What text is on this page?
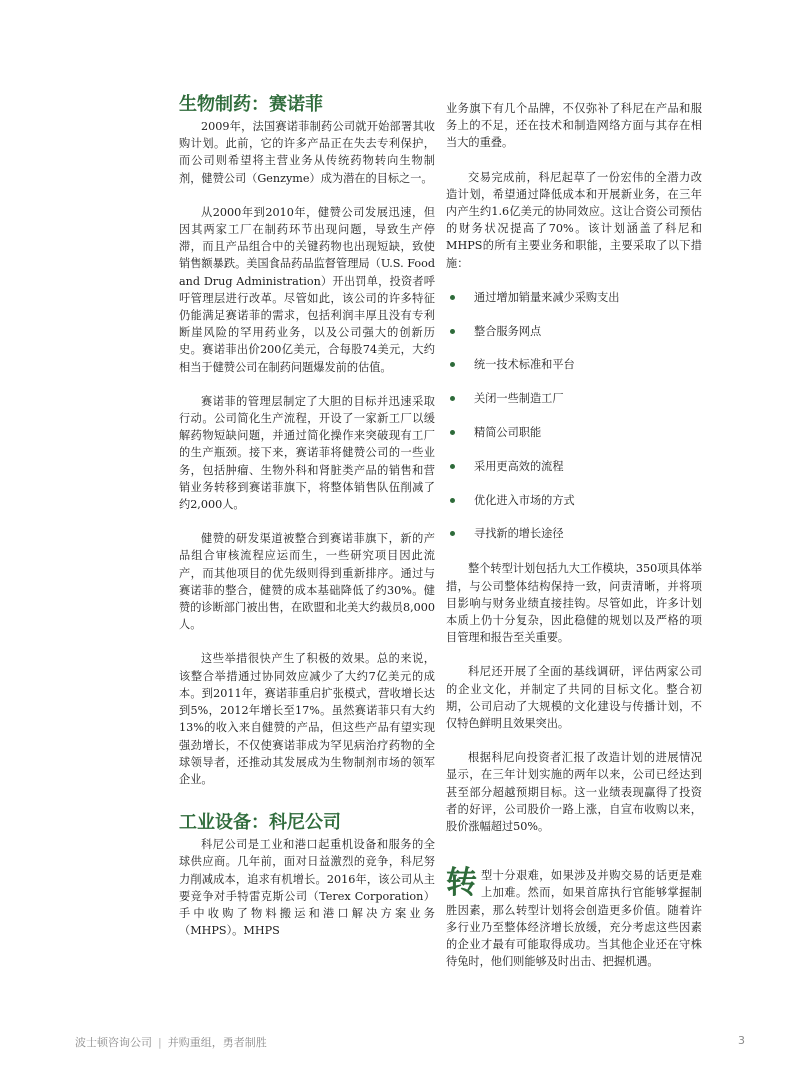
生物制药：赛诺菲

2009年，法国赛诺菲制药公司就开始部署其收购计划。此前，它的许多产品正在失去专利保护，而公司则希望将主营业务从传统药物转向生物制剂，健赞公司（Genzyme）成为潜在的目标之一。

从2000年到2010年，健赞公司发展迅速，但因其两家工厂在制药环节出现问题，导致生产停滞，而且产品组合中的关键药物也出现短缺，致使销售额暴跌。美国食品药品监督管理局（U.S. Food and Drug Administration）开出罚单，投资者呼吁管理层进行改革。尽管如此，该公司的许多特征仍能满足赛诺菲的需求，包括利润丰厚且没有专利断崖风险的罕用药业务，以及公司强大的创新历史。赛诺菲出价200亿美元，合每股74美元，大约相当于健赞公司在制药问题爆发前的估值。

赛诺菲的管理层制定了大胆的目标并迅速采取行动。公司简化生产流程，开设了一家新工厂以缓解药物短缺问题，并通过简化操作来突破现有工厂的生产瓶颈。接下来，赛诺菲将健赞公司的一些业务，包括肿瘤、生物外科和肾脏类产品的销售和营销业务转移到赛诺菲旗下，将整体销售队伍削减了约2,000人。

健赞的研发渠道被整合到赛诺菲旗下，新的产品组合审核流程应运而生，一些研究项目因此流产，而其他项目的优先级则得到重新排序。通过与赛诺菲的整合，健赞的成本基础降低了约30%。健赞的诊断部门被出售，在欧盟和北美大约裁员8,000人。

这些举措很快产生了积极的效果。总的来说，该整合举措通过协同效应减少了大约7亿美元的成本。到2011年，赛诺菲重启扩张模式，营收增长达到5%，2012年增长至17%。虽然赛诺菲只有大约13%的收入来自健赞的产品，但这些产品有望实现强劲增长，不仅使赛诺菲成为罕见病治疗药物的全球领导者，还推动其发展成为生物制剂市场的领军企业。

工业设备：科尼公司

科尼公司是工业和港口起重机设备和服务的全球供应商。几年前，面对日益激烈的竞争，科尼努力削减成本，追求有机增长。2016年，该公司从主要竞争对手特雷克斯公司（Terex Corporation）手中收购了物料搬运和港口解决方案业务（MHPS）。MHPS

业务旗下有几个品牌，不仅弥补了科尼在产品和服务上的不足，还在技术和制造网络方面与其存在相当大的重叠。

交易完成前，科尼起草了一份宏伟的全潜力改造计划，希望通过降低成本和开展新业务，在三年内产生约1.6亿美元的协同效应。这让合资公司预估的财务状况提高了70%。该计划涵盖了科尼和MHPS的所有主要业务和职能，主要采取了以下措施：

通过增加销量来减少采购支出
整合服务网点
统一技术标准和平台
关闭一些制造工厂
精简公司职能
采用更高效的流程
优化进入市场的方式
寻找新的增长途径

整个转型计划包括九大工作模块，350项具体举措，与公司整体结构保持一致，问责清晰，并将项目影响与财务业绩直接挂钩。尽管如此，许多计划本质上仍十分复杂，因此稳健的规划以及严格的项目管理和报告至关重要。

科尼还开展了全面的基线调研，评估两家公司的企业文化，并制定了共同的目标文化。整合初期，公司启动了大规模的文化建设与传播计划，不仅特色鲜明且效果突出。

根据科尼向投资者汇报了改造计划的进展情况显示，在三年计划实施的两年以来，公司已经达到甚至部分超越预期目标。这一业绩表现赢得了投资者的好评，公司股价一路上涨，自宣布收购以来，股价涨幅超过50%。

转 型十分艰难，如果涉及并购交易的话更是难上加难。然而，如果首席执行官能够掌握制胜因素，那么转型计划将会创造更多价值。随着许多行业乃至整体经济增长放缓，充分考虑这些因素的企业才最有可能取得成功。当其他企业还在守株待兔时，他们则能够及时出击、把握机遇。

波士顿咨询公司 | 并购重组，勇者制胜	3
